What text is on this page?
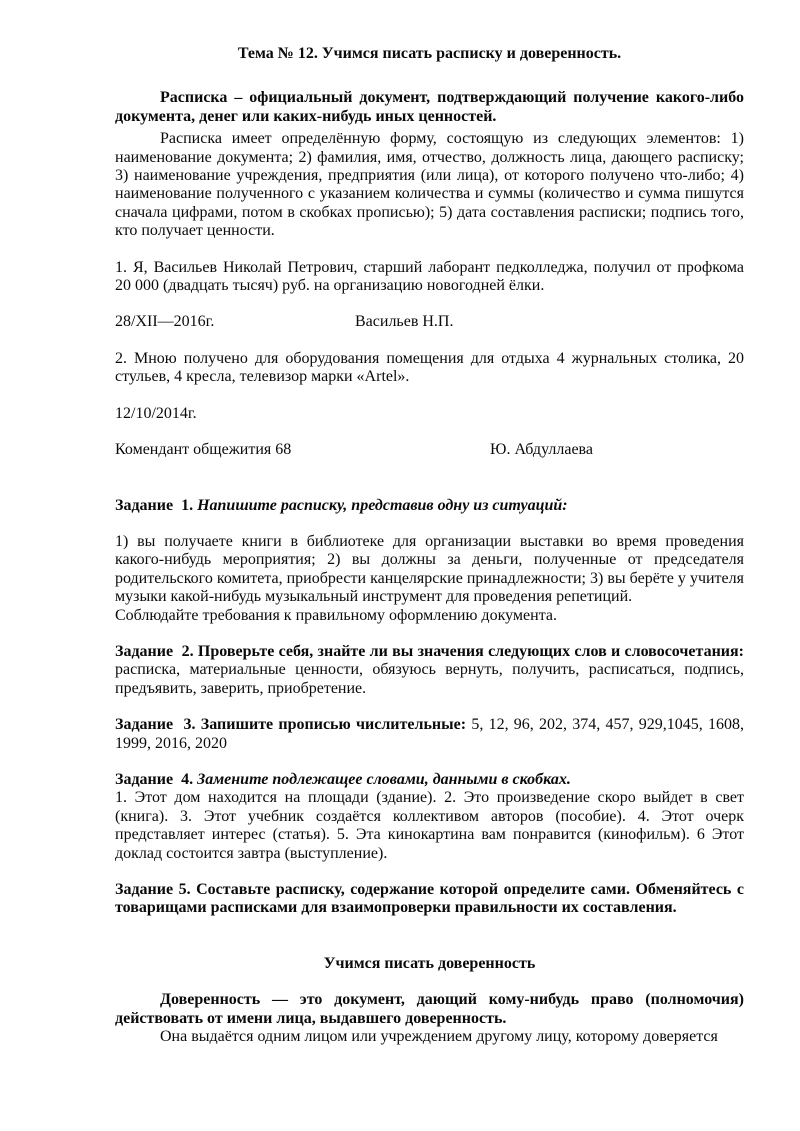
Тема № 12. Учимся писать расписку и доверенность.

Расписка – официальный документ, подтверждающий получение какого-либо документа, денег или каких-нибудь иных ценностей.

Расписка имеет определённую форму, состоящую из следующих элементов: 1) наименование документа; 2) фамилия, имя, отчество, должность лица, дающего расписку; 3) наименование учреждения, предприятия (или лица), от которого получено что-либо; 4) наименование полученного с указанием количества и суммы (количество и сумма пишутся сначала цифрами, потом в скобках прописью); 5) дата составления расписки; подпись того, кто получает ценности.

1. Я, Васильев Николай Петрович, старший лаборант педколледжа, получил от профкома 20 000 (двадцать тысяч) руб. на организацию новогодней ёлки.

28/XII—2016г.	Васильев Н.П.

2. Мною получено для оборудования помещения для отдыха 4 журнальных столика, 20 стульев, 4 кресла, телевизор марки «Artel».

12/10/2014г.

Комендант общежития 68	Ю. Абдуллаева

Задание  1. Напишите расписку, представив одну из ситуаций:

1) вы получаете книги в библиотеке для организации выставки во время проведения какого-нибудь мероприятия; 2) вы должны за деньги, полученные от председателя родительского комитета, приобрести канцелярские принадлежности; 3) вы берёте у учителя музыки какой-нибудь музыкальный инструмент для проведения репетиций.

Соблюдайте требования к правильному оформлению документа.

Задание  2. Проверьте себя, знайте ли вы значения следующих слов и словосочетания: расписка, материальные ценности, обязуюсь вернуть, получить, расписаться, подпись, предъявить, заверить, приобретение.

Задание  3. Запишите прописью числительные: 5, 12, 96, 202, 374, 457, 929,1045, 1608, 1999, 2016, 2020

Задание  4. Замените подлежащее словами, данными в скобках.

1. Этот дом находится на площади (здание). 2. Это произведение скоро выйдет в свет (книга). 3. Этот учебник создаётся коллективом авторов (пособие). 4. Этот очерк представляет интерес (статья). 5. Эта кинокартина вам понравится (кинофильм). 6 Этот доклад состоится завтра (выступление).

Задание 5. Составьте расписку, содержание которой определите сами. Обменяйтесь с товарищами расписками для взаимопроверки правильности их составления.

Учимся писать доверенность

Доверенность — это документ, дающий кому-нибудь право (полномочия) действовать от имени лица, выдавшего доверенность.

Она выдаётся одним лицом или учреждением другому лицу, которому доверяется
